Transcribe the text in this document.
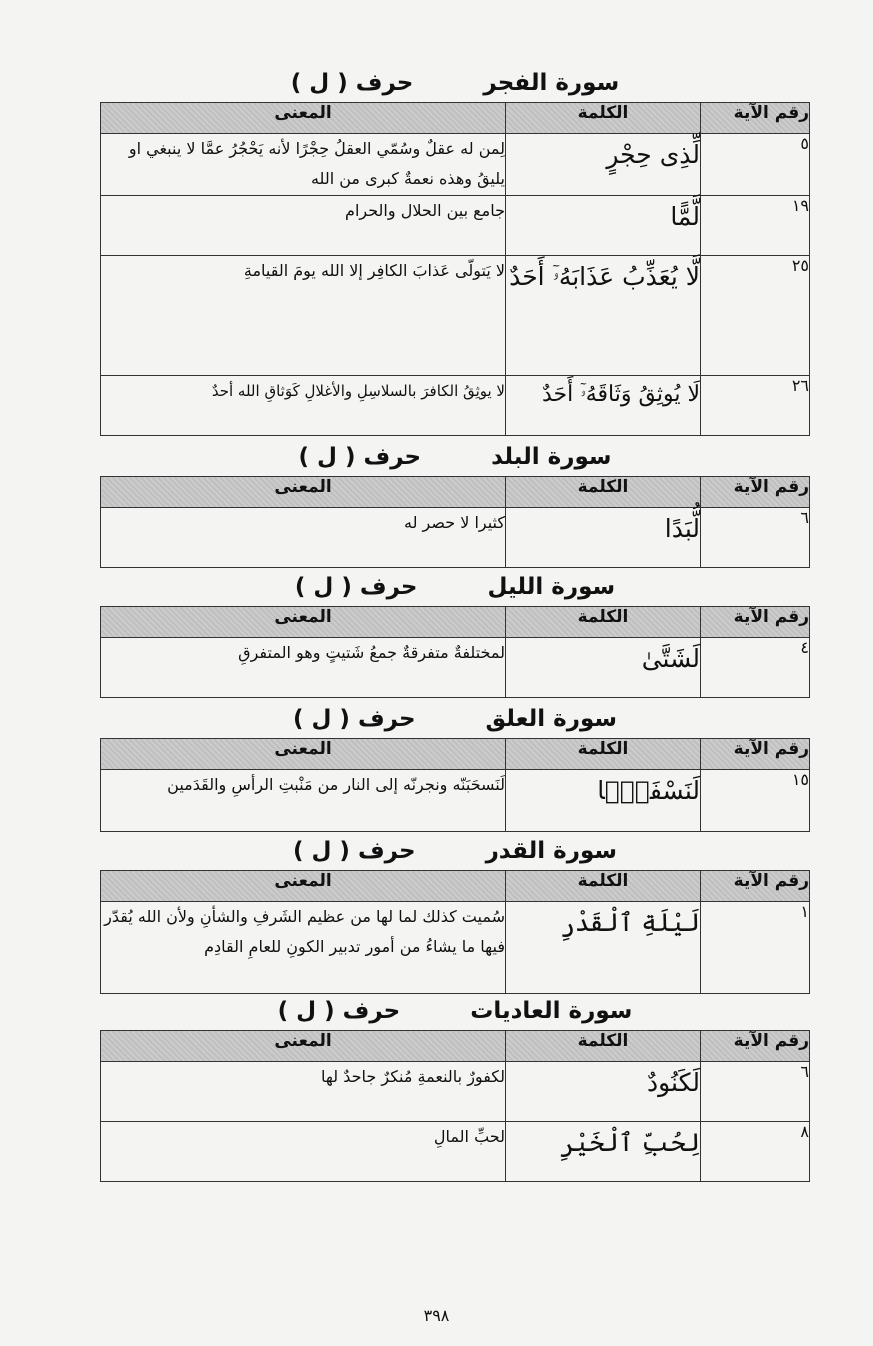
سورة الفجرحرف ( ل )
رقم الآية	الكلمة	المعنى
٥	لِّذِى حِجْرٍ	لِمن له عقلٌ وسُمّي العقلُ حِجْرًا لأنه يَحْجُرُ عمَّا لا ينبغي او يليقُ وهذه نعمةٌ كبرى من الله
١٩	لَّمًّا	جامع بين الحلال والحرام
٢٥	لَّا يُعَذِّبُ عَذَابَهُۥٓ أَحَدٌ	لا يَتولّى عَذابَ الكافِر إلا الله يومَ القيامةِ
٢٦	لَا يُوثِقُ وَثَاقَهُۥٓ أَحَدٌ	لا يوثِقُ الكافرَ بالسلاسِلِ والأغلالِ كَوَثاقِ الله أحدٌ
سورة البلدحرف ( ل )
رقم الآية	الكلمة	المعنى
٦	لُّبَدًا	كثيرا لا حصر له
سورة الليلحرف ( ل )
رقم الآية	الكلمة	المعنى
٤	لَشَتَّىٰ	لمختلفةٌ متفرقةٌ جمعُ شَتيتٍ وهو المتفرقِ
سورة العلقحرف ( ل )
رقم الآية	الكلمة	المعنى
١٥	لَنَسْفَعًۢا	لَنَسحَبَنّه ونجرنّه إلى النار من مَنْبتِ الرأسِ والقَدَمين
سورة القدرحرف ( ل )
رقم الآية	الكلمة	المعنى
١	لَيْلَةِ ٱلْقَدْرِ	سُميت كذلك لما لها من عظيم الشَرفِ والشأنِ ولأن الله يُقدّر فيها ما يشاءُ من أمور تدبير الكونِ للعامِ القادِم
سورة العادياتحرف ( ل )
رقم الآية	الكلمة	المعنى
٦	لَكَنُودٌ	لكفورٌ بالنعمةِ مُنكرٌ جاحدٌ لها
٨	لِحُبِّ ٱلْخَيْرِ	لحبِّ المالِ
٣٩٨
